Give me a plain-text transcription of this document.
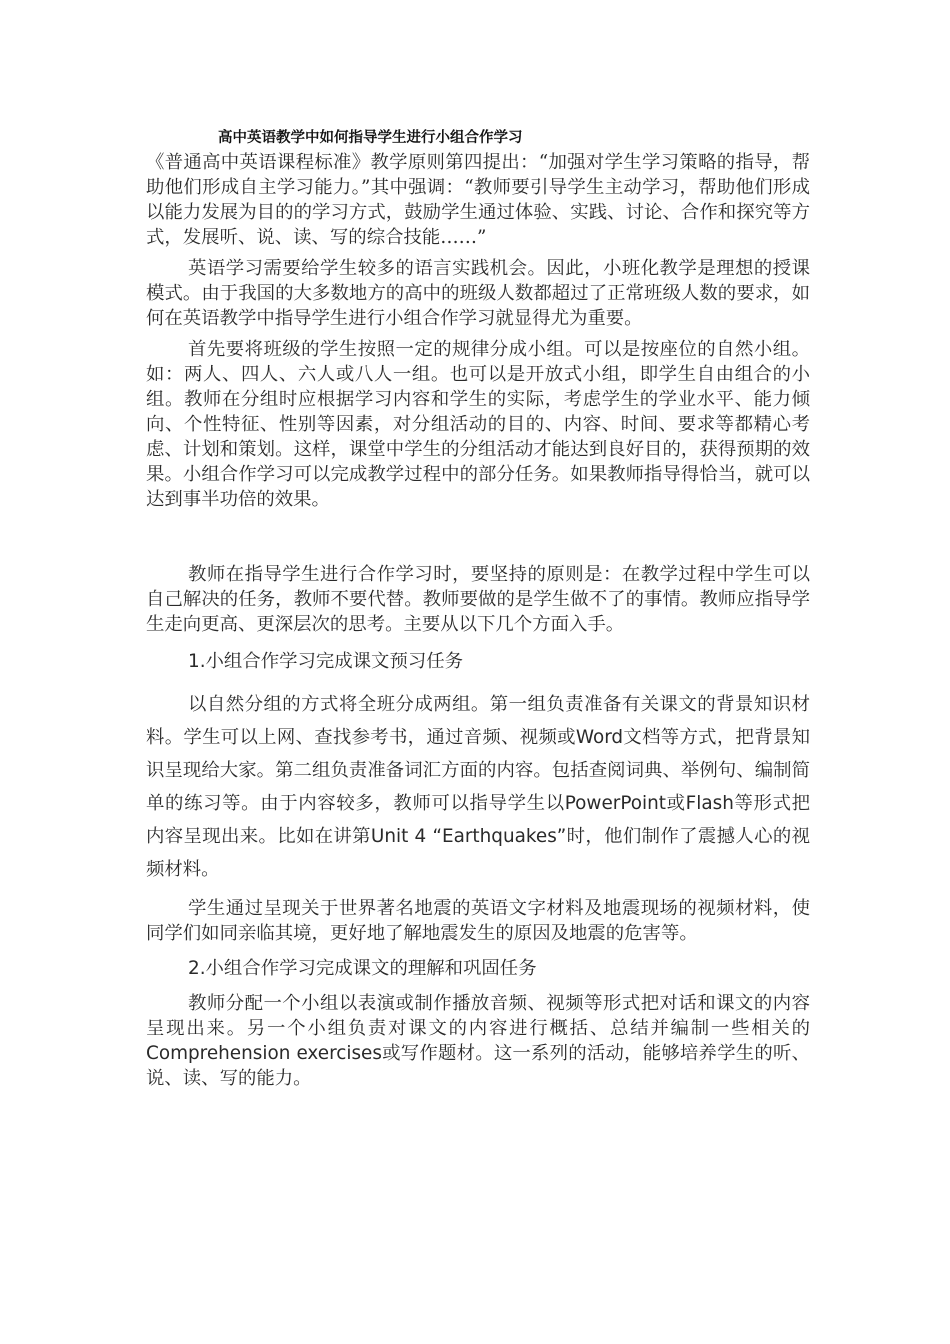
高中英语教学中如何指导学生进行小组合作学习

《普通高中英语课程标准》教学原则第四提出：“加强对学生学习策略的指导，帮助他们形成自主学习能力。”其中强调：“教师要引导学生主动学习，帮助他们形成以能力发展为目的的学习方式，鼓励学生通过体验、实践、讨论、合作和探究等方式，发展听、说、读、写的综合技能……”

英语学习需要给学生较多的语言实践机会。因此，小班化教学是理想的授课模式。由于我国的大多数地方的高中的班级人数都超过了正常班级人数的要求，如何在英语教学中指导学生进行小组合作学习就显得尤为重要。

首先要将班级的学生按照一定的规律分成小组。可以是按座位的自然小组。如：两人、四人、六人或八人一组。也可以是开放式小组，即学生自由组合的小组。教师在分组时应根据学习内容和学生的实际，考虑学生的学业水平、能力倾向、个性特征、性别等因素，对分组活动的目的、内容、时间、要求等都精心考虑、计划和策划。这样，课堂中学生的分组活动才能达到良好目的，获得预期的效果。小组合作学习可以完成教学过程中的部分任务。如果教师指导得恰当，就可以达到事半功倍的效果。

教师在指导学生进行合作学习时，要坚持的原则是：在教学过程中学生可以自己解决的任务，教师不要代替。教师要做的是学生做不了的事情。教师应指导学生走向更高、更深层次的思考。主要从以下几个方面入手。

1.小组合作学习完成课文预习任务

以自然分组的方式将全班分成两组。第一组负责准备有关课文的背景知识材料。学生可以上网、查找参考书，通过音频、视频或Word文档等方式，把背景知识呈现给大家。第二组负责准备词汇方面的内容。包括查阅词典、举例句、编制简单的练习等。由于内容较多，教师可以指导学生以PowerPoint或Flash等形式把内容呈现出来。比如在讲第Unit 4 “Earthquakes”时，他们制作了震撼人心的视频材料。

学生通过呈现关于世界著名地震的英语文字材料及地震现场的视频材料，使同学们如同亲临其境，更好地了解地震发生的原因及地震的危害等。

2.小组合作学习完成课文的理解和巩固任务

教师分配一个小组以表演或制作播放音频、视频等形式把对话和课文的内容呈现出来。另一个小组负责对课文的内容进行概括、总结并编制一些相关的Comprehension exercises或写作题材。这一系列的活动，能够培养学生的听、说、读、写的能力。
